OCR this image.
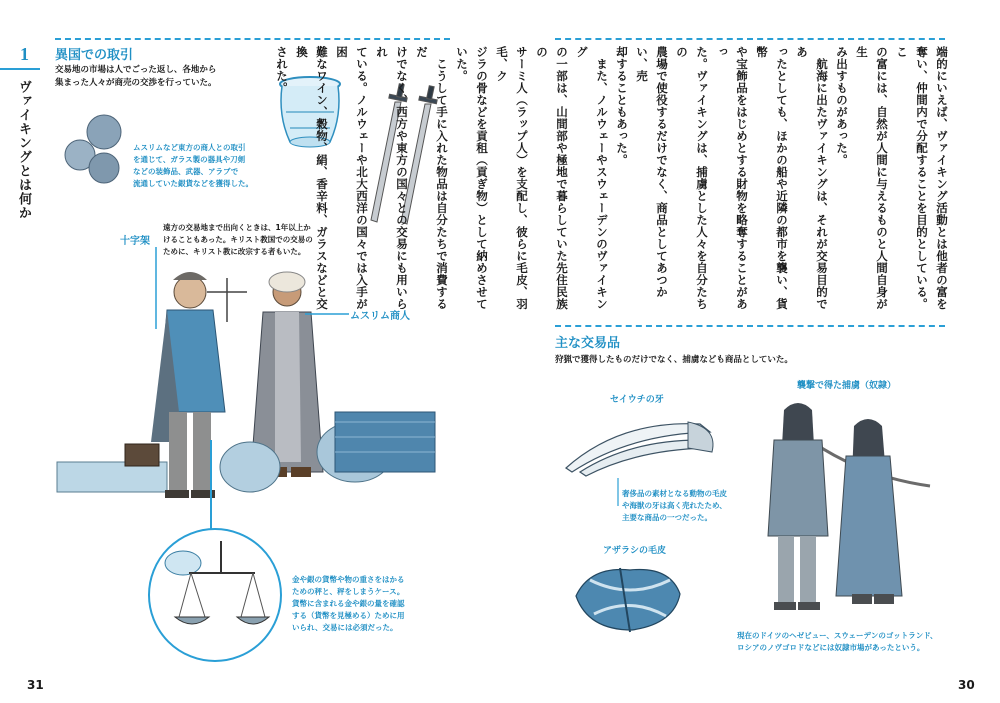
1
ヴァイキングとは何か
異国での取引
交易地の市場は人でごった返し、各地から
集まった人々が商売の交渉を行っていた。
ムスリムなど東方の商人との取引
を通じて、ガラス製の器具や刀剣
などの装飾品、武器、アラブで
流通していた銀貨などを獲得した。
十字架
遠方の交易地まで出向くときは、1年以上か
けることもあった。キリスト教国での交易の
ために、キリスト教に改宗する者もいた。
ムスリム商人
金や銀の貨幣や物の重さをはかる
ための秤と、秤をしまうケース。
貨幣に含まれる金や銀の量を確認
する（貨幣を見極める）ために用
いられ、交易には必須だった。
31
端的にいえば、ヴァイキング活動とは他者の富を
奪い、仲間内で分配することを目的としている。こ
の富には、自然が人間に与えるものと人間自身が生
み出すものがあった。
　航海に出たヴァイキングは、それが交易目的であ
ったとしても、ほかの船や近隣の都市を襲い、貨幣
や宝飾品をはじめとする財物を略奪することがあっ
た。ヴァイキングは、捕虜とした人々を自分たちの
農場で使役するだけでなく、商品としてあつかい、売
却することもあった。
　また、ノルウェーやスウェーデンのヴァイキング
の一部は、山間部や極地で暮らしていた先住民族の
サーミ人（ラップ人）を支配し、彼らに毛皮、羽毛、ク
ジラの骨などを貢租（貢ぎ物）として納めさせていた。
　こうして手に入れた物品は自分たちで消費するだ
けでなく、西方や東方の国々との交易にも用いられ
ている。ノルウェーや北大西洋の国々では入手が困
難なワイン、穀物、絹、香辛料、ガラスなどと交換
された。
主な交易品
狩猟で獲得したものだけでなく、捕虜なども商品としていた。
セイウチの牙
奢侈品の素材となる動物の毛皮
や海獣の牙は高く売れたため、
主要な商品の一つだった。
アザラシの毛皮
襲撃で得た捕虜（奴隷）
現在のドイツのヘゼビュー、スウェーデンのゴットランド、
ロシアのノヴゴロドなどには奴隷市場があったという。
30
